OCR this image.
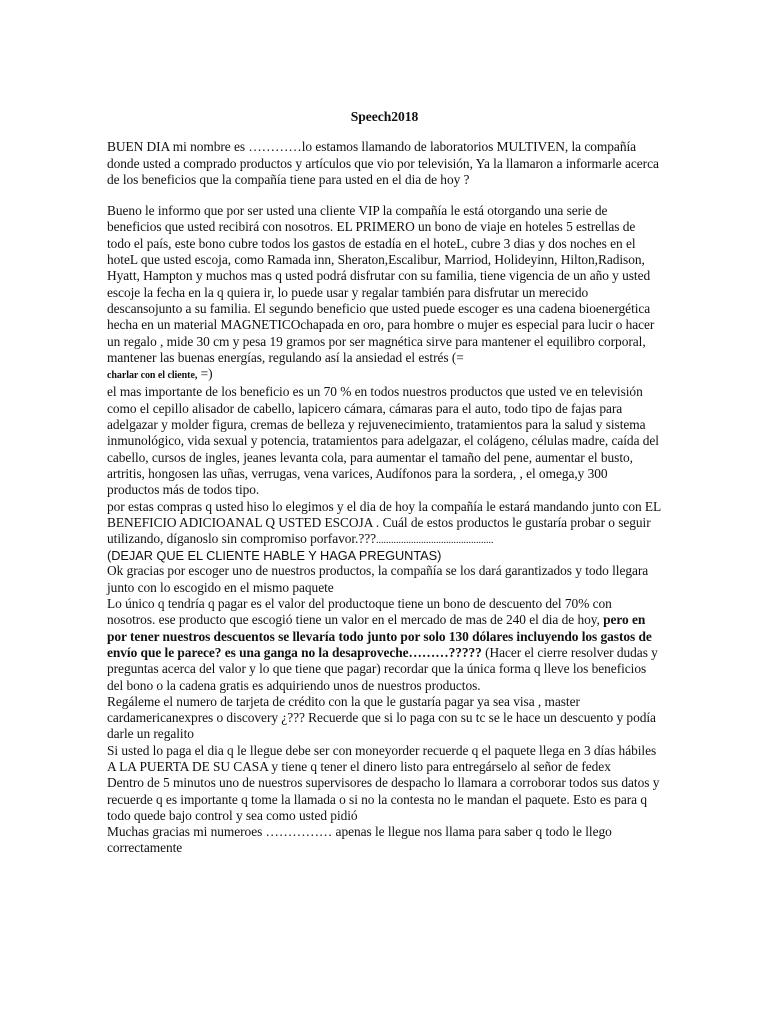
Speech2018

BUEN DIA mi nombre es …………lo estamos llamando de laboratorios MULTIVEN, la compañía donde usted a comprado productos y artículos que vio por televisión, Ya la llamaron a informarle acerca de los beneficios que la compañía tiene para usted en el dia de hoy ?

Bueno le informo que por ser usted una cliente VIP la compañía le está otorgando una serie de beneficios que usted recibirá con nosotros. EL PRIMERO un bono de viaje en hoteles 5 estrellas de todo el país, este bono cubre todos los gastos de estadía en el hoteL, cubre 3 dias y dos noches en el hoteL que usted escoja, como Ramada inn, Sheraton,Escalibur, Marriod, Holideyinn, Hilton,Radison, Hyatt, Hampton y muchos mas q usted podrá disfrutar con su familia, tiene vigencia de un año y usted escoje la fecha en la q quiera ir, lo puede usar y regalar también para disfrutar un merecido descansojunto a su familia. El segundo beneficio que usted puede escoger es una cadena bioenergética hecha en un material MAGNETICOchapada en oro, para hombre o mujer es especial para lucir o hacer un regalo , mide 30 cm y pesa 19 gramos por ser magnética sirve para mantener el equilibro corporal, mantener las buenas energías, regulando así la ansiedad el estrés (=
charlar con el cliente, =)

el mas importante de los beneficio es un 70 % en todos nuestros productos que usted ve en televisión como el cepillo alisador de cabello, lapicero cámara, cámaras para el auto, todo tipo de fajas para adelgazar y molder figura, cremas de belleza y rejuvenecimiento, tratamientos para la salud y sistema inmunológico, vida sexual y potencia, tratamientos para adelgazar, el colágeno, células madre, caída del cabello, cursos de ingles, jeanes levanta cola, para aumentar el tamaño del pene, aumentar el busto, artritis, hongosen las uñas, verrugas, vena varices, Audífonos para la sordera, , el omega,y 300 productos más de todos tipo.

por estas compras q usted hiso lo elegimos y el dia de hoy la compañía le estará mandando junto con EL BENEFICIO ADICIOANAL Q USTED ESCOJA . Cuál de estos productos le gustaría probar o seguir utilizando, díganoslo sin compromiso porfavor.???...............................................

(DEJAR QUE EL CLIENTE HABLE Y HAGA PREGUNTAS)

Ok gracias por escoger uno de nuestros productos, la compañía se los dará garantizados y todo llegara junto con lo escogido en el mismo paquete

Lo único q tendría q pagar es el valor del productoque tiene un bono de descuento del 70% con nosotros. ese producto que escogió tiene un valor en el mercado de mas de 240 el dia de hoy, pero en por tener nuestros descuentos se llevaría todo junto por solo 130 dólares incluyendo los gastos de envío que le parece? es una ganga no la desaproveche………????? (Hacer el cierre resolver dudas y preguntas acerca del valor y lo que tiene que pagar) recordar que la única forma q lleve los beneficios del bono o la cadena gratis es adquiriendo unos de nuestros productos.

Regáleme el numero de tarjeta de crédito con la que le gustaría pagar ya sea visa , master cardamericanexpres o discovery ¿??? Recuerde que si lo paga con su tc se le hace un descuento y podía darle un regalito

Si usted lo paga el dia q le llegue debe ser con moneyorder recuerde q el paquete llega en 3 días hábiles A LA PUERTA DE SU CASA y tiene q tener el dinero listo para entregárselo al señor de fedex

Dentro de 5 minutos uno de nuestros supervisores de despacho lo llamara a corroborar todos sus datos y recuerde q es importante q tome la llamada o si no la contesta no le mandan el paquete. Esto es para q todo quede bajo control y sea como usted pidió

Muchas gracias mi numeroes …………… apenas le llegue nos llama para saber q todo le llego correctamente
